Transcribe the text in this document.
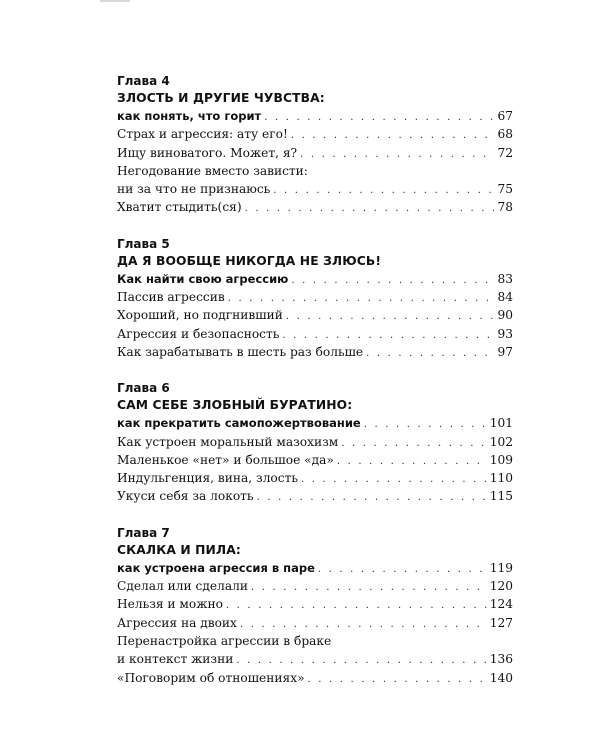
Глава 4
ЗЛОСТЬ И ДРУГИЕ ЧУВСТВА:
как понять, что горит . . .	67
Страх и агрессия: ату его! . . .	68
Ищу виноватого. Может, я? . . .	72
Негодование вместо зависти:
ни за что не признаюсь . . .	75
Хватит стыдить(ся) . . .	78
Глава 5
ДА Я ВООБЩЕ НИКОГДА НЕ ЗЛЮСЬ!
Как найти свою агрессию . . .	83
Пассив агрессив . . .	84
Хороший, но подгнивший . . .	90
Агрессия и безопасность . . .	93
Как зарабатывать в шесть раз больше . . .	97
Глава 6
САМ СЕБЕ ЗЛОБНЫЙ БУРАТИНО:
как прекратить самопожертвование . . .	101
Как устроен моральный мазохизм . . .	102
Маленькое «нет» и большое «да» . . .	109
Индульгенция, вина, злость . . .	110
Укуси себя за локоть . . .	115
Глава 7
СКАЛКА И ПИЛА:
как устроена агрессия в паре . . .	119
Сделал или сделали . . .	120
Нельзя и можно . . .	124
Агрессия на двоих . . .	127
Перенастройка агрессии в браке
и контекст жизни . . .	136
«Поговорим об отношениях» . . .	140
